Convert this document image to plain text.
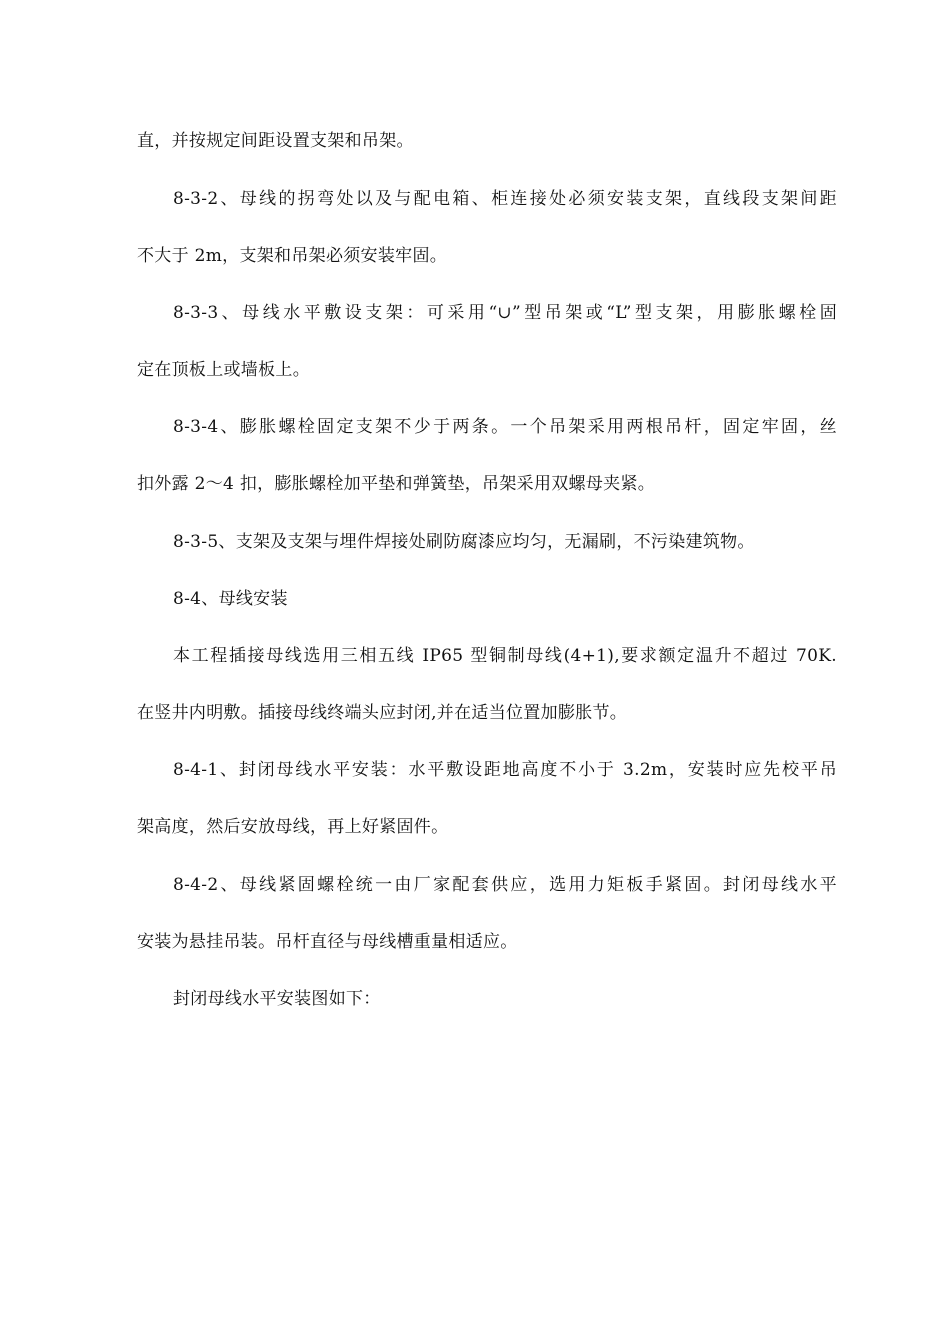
直，并按规定间距设置支架和吊架。
8-3-2、母线的拐弯处以及与配电箱、柜连接处必须安装支架，直线段支架间距
不大于 2m，支架和吊架必须安装牢固。
8-3-3、母线水平敷设支架：可采用“∪”型吊架或“L”型支架，用膨胀螺栓固
定在顶板上或墙板上。
8-3-4、膨胀螺栓固定支架不少于两条。一个吊架采用两根吊杆，固定牢固，丝
扣外露 2～4 扣，膨胀螺栓加平垫和弹簧垫，吊架采用双螺母夹紧。
8-3-5、支架及支架与埋件焊接处刷防腐漆应均匀，无漏刷，不污染建筑物。
8-4、母线安装
本工程插接母线选用三相五线 IP65 型铜制母线(4+1),要求额定温升不超过 70K.
在竖井内明敷。插接母线终端头应封闭,并在适当位置加膨胀节。
8-4-1、封闭母线水平安装：水平敷设距地高度不小于 3.2m，安装时应先校平吊
架高度，然后安放母线，再上好紧固件。
8-4-2、母线紧固螺栓统一由厂家配套供应，选用力矩板手紧固。封闭母线水平
安装为悬挂吊装。吊杆直径与母线槽重量相适应。
封闭母线水平安装图如下：
